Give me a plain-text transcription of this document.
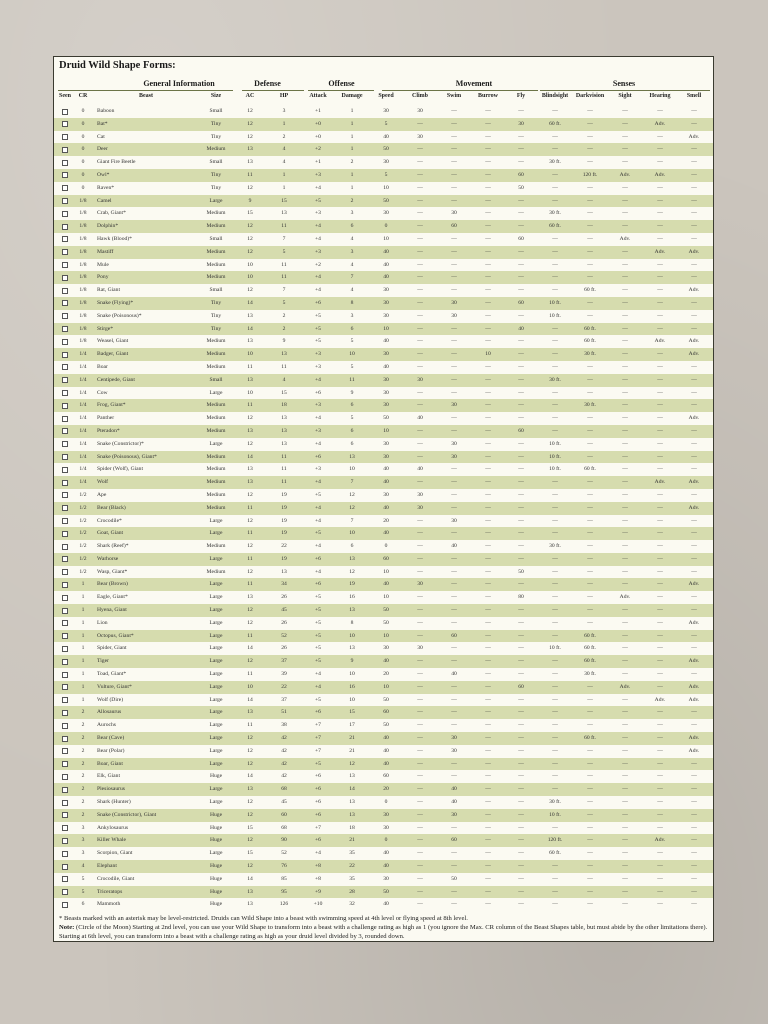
Druid Wild Shape Forms:
General Information	Defense	Offense	Movement	Senses
Seen	CR	Beast	Size	AC	HP	Attack	Damage	Speed	Climb	Swim	Burrow	Fly	Blindsight	Darkvision	Sight	Hearing	Smell
0	Baboon	Small	12	3	+1	1	30	30	—	—	—	—	—	—	—	—
0	Bat*	Tiny	12	1	+0	1	5	—	—	—	30	60 ft.	—	—	Adv.	—
0	Cat	Tiny	12	2	+0	1	40	30	—	—	—	—	—	—	—	Adv.
0	Deer	Medium	13	4	+2	1	50	—	—	—	—	—	—	—	—	—
0	Giant Fire Beetle	Small	13	4	+1	2	30	—	—	—	—	30 ft.	—	—	—	—
0	Owl*	Tiny	11	1	+3	1	5	—	—	—	60	—	120 ft.	Adv.	Adv.	—
0	Raven*	Tiny	12	1	+4	1	10	—	—	—	50	—	—	—	—	—
1/8	Camel	Large	9	15	+5	2	50	—	—	—	—	—	—	—	—	—
1/8	Crab, Giant*	Medium	15	13	+3	3	30	—	30	—	—	30 ft.	—	—	—	—
1/8	Dolphin*	Medium	12	11	+4	6	0	—	60	—	—	60 ft.	—	—	—	—
1/8	Hawk (Blood)*	Small	12	7	+4	4	10	—	—	—	60	—	—	Adv.	—	—
1/8	Mastiff	Medium	12	5	+3	3	40	—	—	—	—	—	—	—	Adv.	Adv.
1/8	Mule	Medium	10	11	+2	4	40	—	—	—	—	—	—	—	—	—
1/8	Pony	Medium	10	11	+4	7	40	—	—	—	—	—	—	—	—	—
1/8	Rat, Giant	Small	12	7	+4	4	30	—	—	—	—	—	60 ft.	—	—	Adv.
1/8	Snake (Flying)*	Tiny	14	5	+6	8	30	—	30	—	60	10 ft.	—	—	—	—
1/8	Snake (Poisonous)*	Tiny	13	2	+5	3	30	—	30	—	—	10 ft.	—	—	—	—
1/8	Stirge*	Tiny	14	2	+5	6	10	—	—	—	40	—	60 ft.	—	—	—
1/8	Weasel, Giant	Medium	13	9	+5	5	40	—	—	—	—	—	60 ft.	—	Adv.	Adv.
1/4	Badger, Giant	Medium	10	13	+3	10	30	—	—	10	—	—	30 ft.	—	—	Adv.
1/4	Boar	Medium	11	11	+3	5	40	—	—	—	—	—	—	—	—	—
1/4	Centipede, Giant	Small	13	4	+4	11	30	30	—	—	—	30 ft.	—	—	—	—
1/4	Cow	Large	10	15	+6	9	30	—	—	—	—	—	—	—	—	—
1/4	Frog, Giant*	Medium	11	18	+3	6	30	—	30	—	—	—	30 ft.	—	—	—
1/4	Panther	Medium	12	13	+4	5	50	40	—	—	—	—	—	—	—	Adv.
1/4	Pteradon*	Medium	13	13	+3	6	10	—	—	—	60	—	—	—	—	—
1/4	Snake (Constrictor)*	Large	12	13	+4	6	30	—	30	—	—	10 ft.	—	—	—	—
1/4	Snake (Poisonous), Giant*	Medium	14	11	+6	13	30	—	30	—	—	10 ft.	—	—	—	—
1/4	Spider (Wolf), Giant	Medium	13	11	+3	10	40	40	—	—	—	10 ft.	60 ft.	—	—	—
1/4	Wolf	Medium	13	11	+4	7	40	—	—	—	—	—	—	—	Adv.	Adv.
1/2	Ape	Medium	12	19	+5	12	30	30	—	—	—	—	—	—	—	—
1/2	Bear (Black)	Medium	11	19	+4	12	40	30	—	—	—	—	—	—	—	Adv.
1/2	Crocodile*	Large	12	19	+4	7	20	—	30	—	—	—	—	—	—	—
1/2	Goat, Giant	Large	11	19	+5	10	40	—	—	—	—	—	—	—	—	—
1/2	Shark (Reef)*	Medium	12	22	+4	6	0	—	40	—	—	30 ft.	—	—	—	—
1/2	Warhorse	Large	11	19	+6	13	60	—	—	—	—	—	—	—	—	—
1/2	Wasp, Giant*	Medium	12	13	+4	12	10	—	—	—	50	—	—	—	—	—
1	Bear (Brown)	Large	11	34	+6	19	40	30	—	—	—	—	—	—	—	Adv.
1	Eagle, Giant*	Large	13	26	+5	16	10	—	—	—	80	—	—	Adv.	—	—
1	Hyena, Giant	Large	12	45	+5	13	50	—	—	—	—	—	—	—	—	—
1	Lion	Large	12	26	+5	8	50	—	—	—	—	—	—	—	—	Adv.
1	Octopus, Giant*	Large	11	52	+5	10	10	—	60	—	—	—	60 ft.	—	—	—
1	Spider, Giant	Large	14	26	+5	13	30	30	—	—	—	10 ft.	60 ft.	—	—	—
1	Tiger	Large	12	37	+5	9	40	—	—	—	—	—	60 ft.	—	—	Adv.
1	Toad, Giant*	Large	11	39	+4	10	20	—	40	—	—	—	30 ft.	—	—	—
1	Vulture, Giant*	Large	10	22	+4	16	10	—	—	—	60	—	—	Adv.	—	Adv.
1	Wolf (Dire)	Large	14	37	+5	10	50	—	—	—	—	—	—	—	Adv.	Adv.
2	Allosaurus	Large	13	51	+6	15	60	—	—	—	—	—	—	—	—	—
2	Aurochs	Large	11	38	+7	17	50	—	—	—	—	—	—	—	—	—
2	Bear (Cave)	Large	12	42	+7	21	40	—	30	—	—	—	60 ft.	—	—	Adv.
2	Bear (Polar)	Large	12	42	+7	21	40	—	30	—	—	—	—	—	—	Adv.
2	Boar, Giant	Large	12	42	+5	12	40	—	—	—	—	—	—	—	—	—
2	Elk, Giant	Huge	14	42	+6	13	60	—	—	—	—	—	—	—	—	—
2	Plesiosaurus	Large	13	68	+6	14	20	—	40	—	—	—	—	—	—	—
2	Shark (Hunter)	Large	12	45	+6	13	0	—	40	—	—	30 ft.	—	—	—	—
2	Snake (Constrictor), Giant	Huge	12	60	+6	13	30	—	30	—	—	10 ft.	—	—	—	—
3	Ankylosaurus	Huge	15	68	+7	18	30	—	—	—	—	—	—	—	—	—
3	Killer Whale	Huge	12	90	+6	21	0	—	60	—	—	120 ft.	—	—	Adv.	—
3	Scorpion, Giant	Large	15	52	+4	35	40	—	—	—	—	60 ft.	—	—	—	—
4	Elephant	Huge	12	76	+8	22	40	—	—	—	—	—	—	—	—	—
5	Crocodile, Giant	Huge	14	85	+8	35	30	—	50	—	—	—	—	—	—	—
5	Triceratops	Huge	13	95	+9	28	50	—	—	—	—	—	—	—	—	—
6	Mammoth	Huge	13	126	+10	32	40	—	—	—	—	—	—	—	—	—
* Beasts marked with an asterisk may be level-restricted. Druids can Wild Shape into a beast with swimming speed at 4th level or flying speed at 8th level.
Note: (Circle of the Moon) Starting at 2nd level, you can use your Wild Shape to transform into a beast with a challenge rating as high as 1 (you ignore the Max. CR column of the Beast Shapes table, but must abide by the other limitations there). Starting at 6th level, you can transform into a beast with a challenge rating as high as your druid level divided by 3, rounded down.
